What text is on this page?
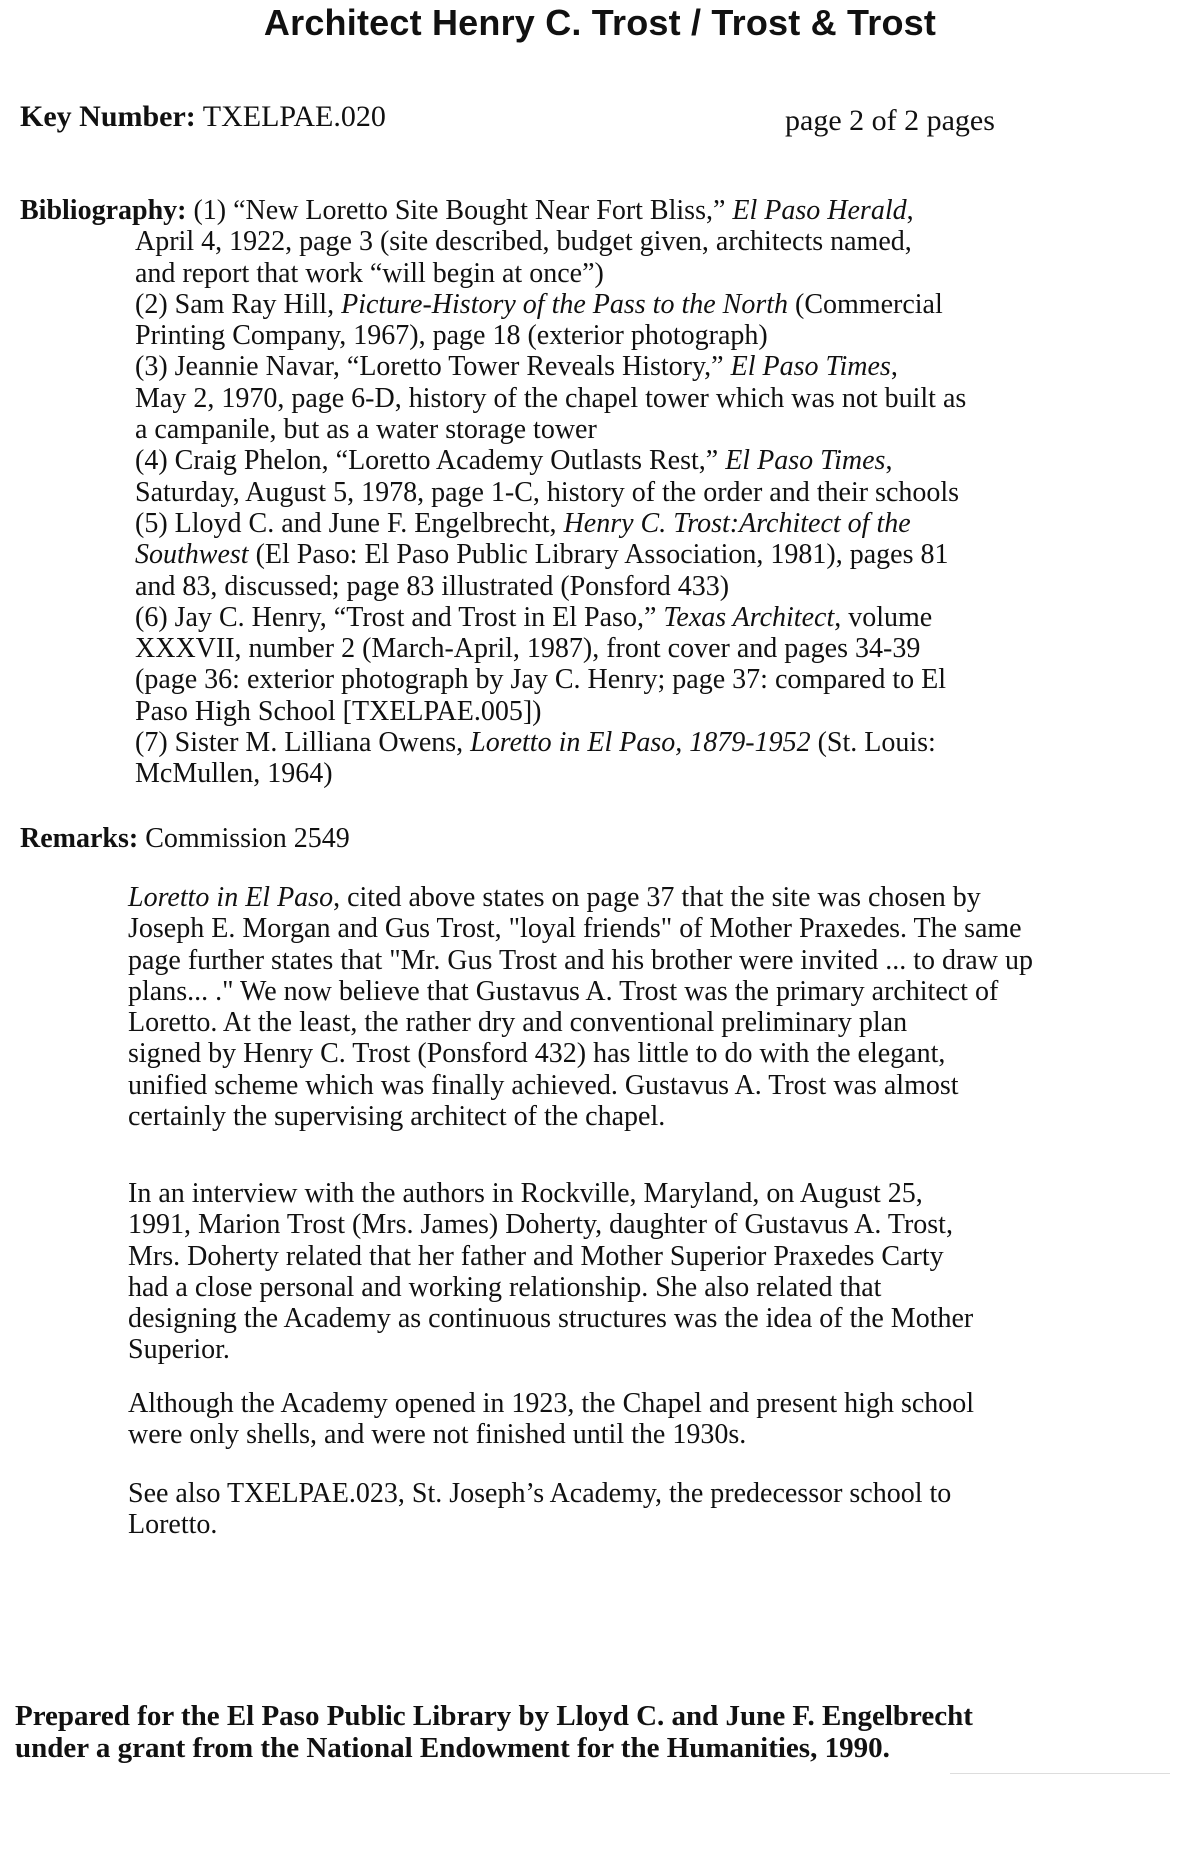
Architect Henry C. Trost / Trost & Trost
Key Number: TXELPAE.020	page 2 of 2 pages
Bibliography: (1) “New Loretto Site Bought Near Fort Bliss,” El Paso Herald,
April 4, 1922, page 3 (site described, budget given, architects named,
and report that work “will begin at once”)
(2) Sam Ray Hill, Picture-History of the Pass to the North (Commercial
Printing Company, 1967), page 18 (exterior photograph)
(3) Jeannie Navar, “Loretto Tower Reveals History,” El Paso Times,
May 2, 1970, page 6-D, history of the chapel tower which was not built as
a campanile, but as a water storage tower
(4) Craig Phelon, “Loretto Academy Outlasts Rest,” El Paso Times,
Saturday, August 5, 1978, page 1-C, history of the order and their schools
(5) Lloyd C. and June F. Engelbrecht, Henry C. Trost:Architect of the
Southwest (El Paso: El Paso Public Library Association, 1981), pages 81
and 83, discussed; page 83 illustrated (Ponsford 433)
(6) Jay C. Henry, “Trost and Trost in El Paso,” Texas Architect, volume
XXXVII, number 2 (March-April, 1987), front cover and pages 34-39
(page 36: exterior photograph by Jay C. Henry; page 37: compared to El
Paso High School [TXELPAE.005])
(7) Sister M. Lilliana Owens, Loretto in El Paso, 1879-1952 (St. Louis:
McMullen, 1964)
Remarks: Commission 2549
Loretto in El Paso, cited above states on page 37 that the site was chosen by
Joseph E. Morgan and Gus Trost, "loyal friends" of Mother Praxedes. The same
page further states that "Mr. Gus Trost and his brother were invited ... to draw up
plans... ." We now believe that Gustavus A. Trost was the primary architect of
Loretto. At the least, the rather dry and conventional preliminary plan
signed by Henry C. Trost (Ponsford 432) has little to do with the elegant,
unified scheme which was finally achieved. Gustavus A. Trost was almost
certainly the supervising architect of the chapel.
In an interview with the authors in Rockville, Maryland, on August 25,
1991, Marion Trost (Mrs. James) Doherty, daughter of Gustavus A. Trost,
Mrs. Doherty related that her father and Mother Superior Praxedes Carty
had a close personal and working relationship. She also related that
designing the Academy as continuous structures was the idea of the Mother
Superior.
Although the Academy opened in 1923, the Chapel and present high school
were only shells, and were not finished until the 1930s.
See also TXELPAE.023, St. Joseph’s Academy, the predecessor school to
Loretto.
Prepared for the El Paso Public Library by Lloyd C. and June F. Engelbrecht
under a grant from the National Endowment for the Humanities, 1990.
